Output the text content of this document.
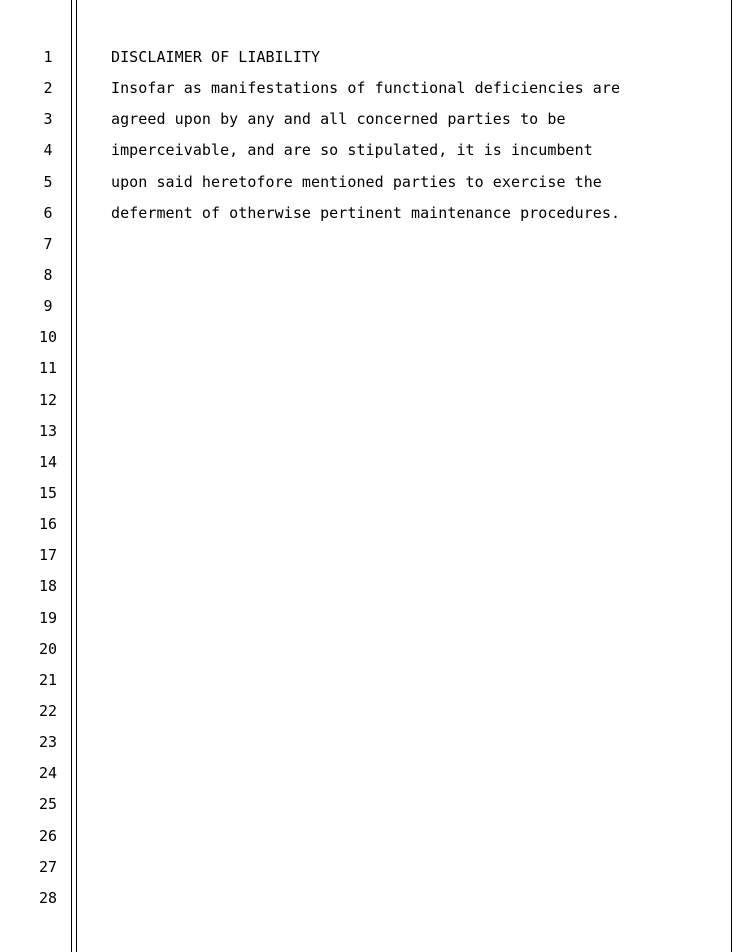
1
2
3
4
5
6
7
8
9
10
11
12
13
14
15
16
17
18
19
20
21
22
23
24
25
26
27
28
DISCLAIMER OF LIABILITY
Insofar as manifestations of functional deficiencies are
agreed upon by any and all concerned parties to be
imperceivable, and are so stipulated, it is incumbent
upon said heretofore mentioned parties to exercise the
deferment of otherwise pertinent maintenance procedures.
